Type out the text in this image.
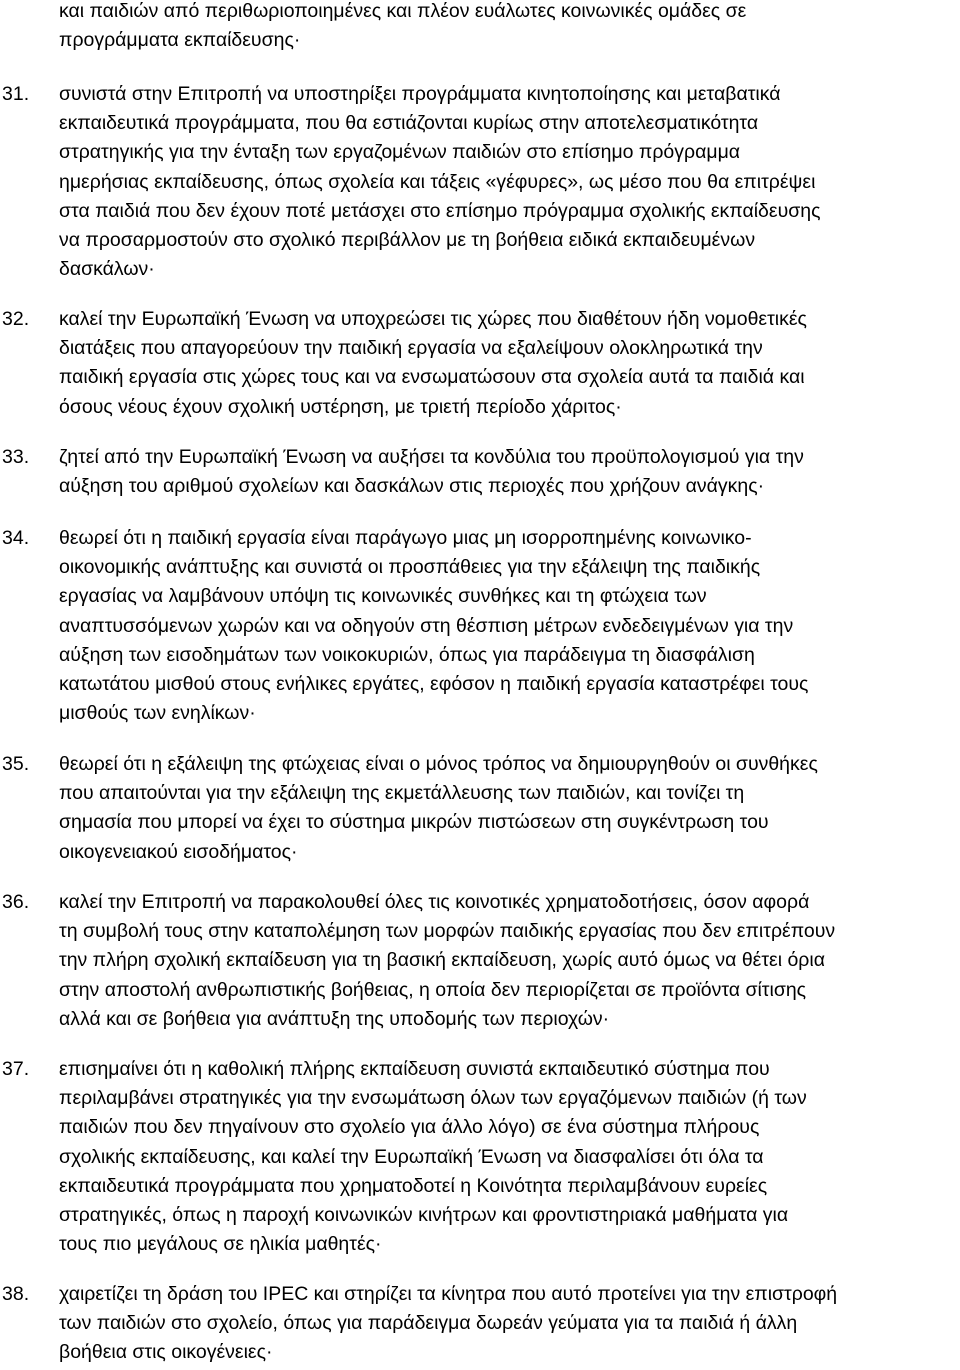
και παιδιών από περιθωριοποιημένες και πλέον ευάλωτες κοινωνικές ομάδες σε
προγράμματα εκπαίδευσης·
31. συνιστά στην Επιτροπή να υποστηρίξει προγράμματα κινητοποίησης και μεταβατικά
εκπαιδευτικά προγράμματα, που θα εστιάζονται κυρίως στην αποτελεσματικότητα
στρατηγικής για την ένταξη των εργαζομένων παιδιών στο επίσημο πρόγραμμα
ημερήσιας εκπαίδευσης, όπως σχολεία και τάξεις «γέφυρες», ως μέσο που θα επιτρέψει
στα παιδιά που δεν έχουν ποτέ μετάσχει στο επίσημο πρόγραμμα σχολικής εκπαίδευσης
να προσαρμοστούν στο σχολικό περιβάλλον με τη βοήθεια ειδικά εκπαιδευμένων
δασκάλων·
32. καλεί την Ευρωπαϊκή Ένωση να υποχρεώσει τις χώρες που διαθέτουν ήδη νομοθετικές
διατάξεις που απαγορεύουν την παιδική εργασία να εξαλείψουν ολοκληρωτικά την
παιδική εργασία στις χώρες τους και να ενσωματώσουν στα σχολεία αυτά τα παιδιά και
όσους νέους έχουν σχολική υστέρηση, με τριετή περίοδο χάριτος·
33. ζητεί από την Ευρωπαϊκή Ένωση να αυξήσει τα κονδύλια του προϋπολογισμού για την
αύξηση του αριθμού σχολείων και δασκάλων στις περιοχές που χρήζουν ανάγκης·
34. θεωρεί ότι η παιδική εργασία είναι παράγωγο μιας μη ισορροπημένης κοινωνικο-
οικονομικής ανάπτυξης και συνιστά οι προσπάθειες για την εξάλειψη της παιδικής
εργασίας να λαμβάνουν υπόψη τις κοινωνικές συνθήκες και τη φτώχεια των
αναπτυσσόμενων χωρών και να οδηγούν στη θέσπιση μέτρων ενδεδειγμένων για την
αύξηση των εισοδημάτων των νοικοκυριών, όπως για παράδειγμα τη διασφάλιση
κατωτάτου μισθού στους ενήλικες εργάτες, εφόσον η παιδική εργασία καταστρέφει τους
μισθούς των ενηλίκων·
35. θεωρεί ότι η εξάλειψη της φτώχειας είναι ο μόνος τρόπος να δημιουργηθούν οι συνθήκες
που απαιτούνται για την εξάλειψη της εκμετάλλευσης των παιδιών, και τονίζει τη
σημασία που μπορεί να έχει το σύστημα μικρών πιστώσεων στη συγκέντρωση του
οικογενειακού εισοδήματος·
36. καλεί την Επιτροπή να παρακολουθεί όλες τις κοινοτικές χρηματοδοτήσεις, όσον αφορά
τη συμβολή τους στην καταπολέμηση των μορφών παιδικής εργασίας που δεν επιτρέπουν
την πλήρη σχολική εκπαίδευση για τη βασική εκπαίδευση, χωρίς αυτό όμως να θέτει όρια
στην αποστολή ανθρωπιστικής βοήθειας, η οποία δεν περιορίζεται σε προϊόντα σίτισης
αλλά και σε βοήθεια για ανάπτυξη της υποδομής των περιοχών·
37. επισημαίνει ότι η καθολική πλήρης εκπαίδευση συνιστά εκπαιδευτικό σύστημα που
περιλαμβάνει στρατηγικές για την ενσωμάτωση όλων των εργαζόμενων παιδιών (ή των
παιδιών που δεν πηγαίνουν στο σχολείο για άλλο λόγο) σε ένα σύστημα πλήρους
σχολικής εκπαίδευσης, και καλεί την Ευρωπαϊκή Ένωση να διασφαλίσει ότι όλα τα
εκπαιδευτικά προγράμματα που χρηματοδοτεί η Κοινότητα περιλαμβάνουν ευρείες
στρατηγικές, όπως η παροχή κοινωνικών κινήτρων και φροντιστηριακά μαθήματα για
τους πιο μεγάλους σε ηλικία μαθητές·
38. χαιρετίζει τη δράση του IPEC και στηρίζει τα κίνητρα που αυτό προτείνει για την επιστροφή
των παιδιών στο σχολείο, όπως για παράδειγμα δωρεάν γεύματα για τα παιδιά ή άλλη
βοήθεια στις οικογένειες·
